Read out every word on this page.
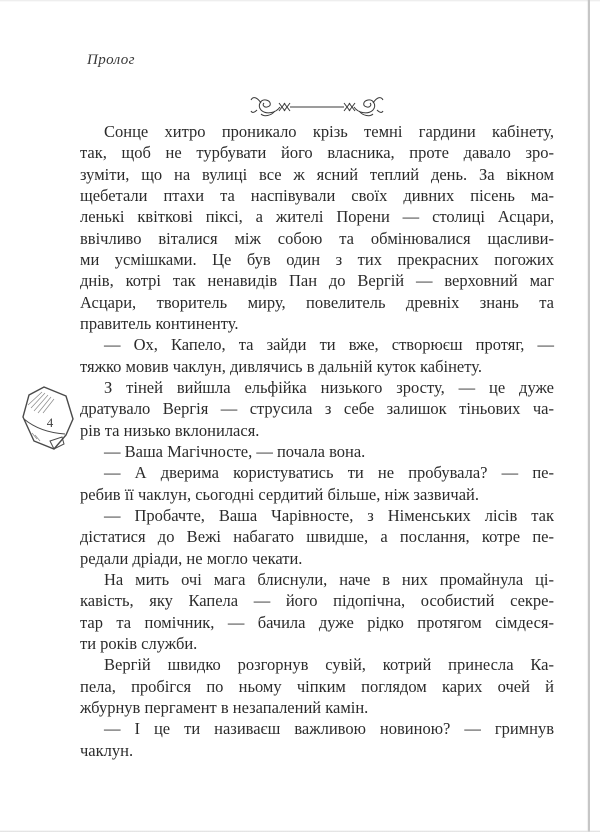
Пролог
4
Сонце хитро проникало крізь темні гардини кабінету,
так, щоб не турбувати його власника, проте давало зро-
зуміти, що на вулиці все ж ясний теплий день. За вікном
щебетали птахи та наспівували своїх дивних пісень ма-
ленькі квіткові піксі, а жителі Порени — столиці Асцари,
ввічливо віталися між собою та обмінювалися щасливи-
ми усмішками. Це був один з тих прекрасних погожих
днів, котрі так ненавидів Пан до Вергій — верховний маг
Асцари, творитель миру, повелитель древніх знань та
правитель континенту.
— Ох, Капело, та зайди ти вже, створюєш протяг, —
тяжко мовив чаклун, дивлячись в дальній куток кабінету.
З тіней вийшла ельфійка низького зросту, — це дуже
дратувало Вергія — струсила з себе залишок тіньових ча-
рів та низько вклонилася.
— Ваша Магічносте, — почала вона.
— А дверима користуватись ти не пробувала? — пе-
ребив її чаклун, сьогодні сердитий більше, ніж зазвичай.
— Пробачте, Ваша Чарівносте, з Німенських лісів так
дістатися до Вежі набагато швидше, а послання, котре пе-
редали дріади, не могло чекати.
На мить очі мага блиснули, наче в них промайнула ці-
кавість, яку Капела — його підопічна, особистий секре-
тар та помічник, — бачила дуже рідко протягом сімдеся-
ти років служби.
Вергій швидко розгорнув сувій, котрий принесла Ка-
пела, пробігся по ньому чіпким поглядом карих очей й
жбурнув пергамент в незапалений камін.
— І це ти називаєш важливою новиною? — гримнув
чаклун.
